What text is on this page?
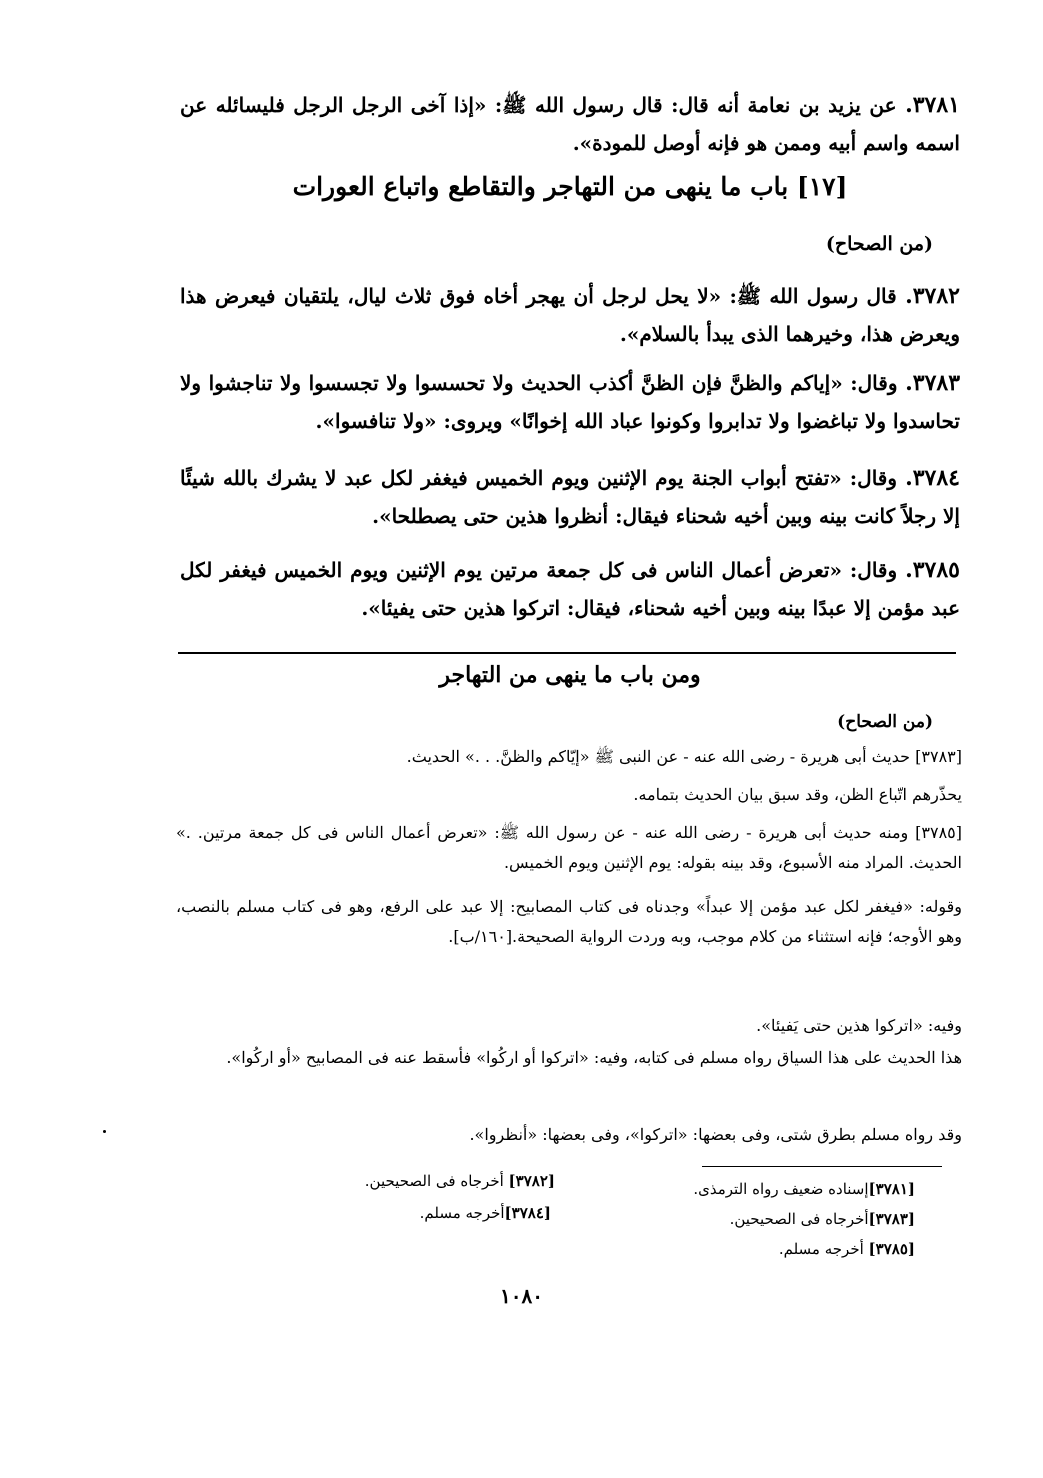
٣٧٨١. عن يزيد بن نعامة أنه قال: قال رسول الله ﷺ: «إذا آخى الرجل الرجل فليسائله عن اسمه واسم أبيه وممن هو فإنه أوصل للمودة».
[١٧] باب ما ينهى من التهاجر والتقاطع واتباع العورات
(من الصحاح)
٣٧٨٢. قال رسول الله ﷺ: «لا يحل لرجل أن يهجر أخاه فوق ثلاث ليال، يلتقيان فيعرض هذا ويعرض هذا، وخيرهما الذى يبدأ بالسلام».
٣٧٨٣. وقال: «إياكم والظنَّ فإن الظنَّ أكذب الحديث ولا تحسسوا ولا تجسسوا ولا تناجشوا ولا تحاسدوا ولا تباغضوا ولا تدابروا وكونوا عباد الله إخوانًا» ويروى: «ولا تنافسوا».
٣٧٨٤. وقال: «تفتح أبواب الجنة يوم الإثنين ويوم الخميس فيغفر لكل عبد لا يشرك بالله شيئًا إلا رجلاً كانت بينه وبين أخيه شحناء فيقال: أنظروا هذين حتى يصطلحا».
٣٧٨٥. وقال: «تعرض أعمال الناس فى كل جمعة مرتين يوم الإثنين ويوم الخميس فيغفر لكل عبد مؤمن إلا عبدًا بينه وبين أخيه شحناء، فيقال: اتركوا هذين حتى يفيئا».
ومن باب ما ينهى من التهاجر
(من الصحاح)
[٣٧٨٣] حديث أبى هريرة - رضى الله عنه - عن النبى ﷺ «إيّاكم والظنَّ. . .» الحديث.
يحذّرهم اتّباع الظن، وقد سبق بيان الحديث بتمامه.
[٣٧٨٥] ومنه حديث أبى هريرة - رضى الله عنه - عن رسول الله ﷺ: «تعرض أعمال الناس فى كل جمعة مرتين. .» الحديث. المراد منه الأسبوع، وقد بينه بقوله: يوم الإثنين ويوم الخميس.
وقوله: «فيغفر لكل عبد مؤمن إلا عبداً» وجدناه فى كتاب المصابيح: إلا عبد على الرفع، وهو فى كتاب مسلم بالنصب، وهو الأوجه؛ فإنه استثناء من كلام موجب، وبه وردت الرواية الصحيحة.[١٦٠/ب].
وفيه: «اتركوا هذين حتى يَفيئا».
هذا الحديث على هذا السياق رواه مسلم فى كتابه، وفيه: «اتركوا أو اركُوا» فأسقط عنه فى المصابيح «أو اركُوا».
وقد رواه مسلم بطرق شتى، وفى بعضها: «اتركوا»، وفى بعضها: «أنظروا».
[٣٧٨١]إسناده ضعيف رواه الترمذى.
[٣٧٨٣]أخرجاه فى الصحيحين.
[٣٧٨٥] أخرجه مسلم.
[٣٧٨٢] أخرجاه فى الصحيحين.
[٣٧٨٤]أخرجه مسلم.
١٠٨٠
